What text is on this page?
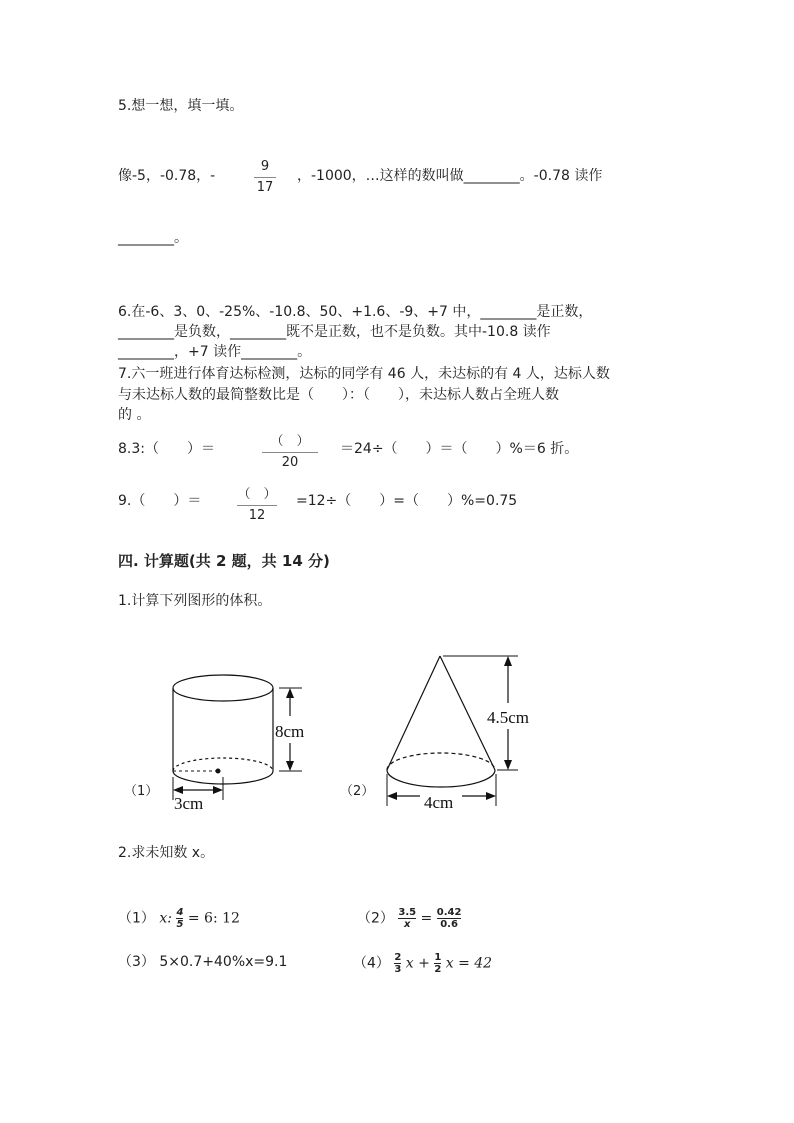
5.想一想，填一填。
像-5，-0.78，-
9
17
，-1000，…这样的数叫做________。-0.78 读作
________。
6.在-6、3、0、-25%、-10.8、50、+1.6、-9、+7 中，________是正数，
________是负数，________既不是正数，也不是负数。其中-10.8 读作
________，+7 读作________。
7.六一班进行体育达标检测，达标的同学有 46 人，未达标的有 4 人，达标人数
与未达标人数的最简整数比是（　　）：（　　），未达标人数占全班人数
的 。
8.3:（　　）＝	（　）
20
＝24÷（　　）＝（　　）%＝6 折。
9.（　　）＝	（　）
12
=12÷（　　）=（　　）%=0.75
四. 计算题(共 2 题，共 14 分)
1.计算下列图形的体积。
8cm
3cm
（1）
4.5cm
4cm
（2）
2.求未知数 x。
（1） x: $\frac{4}{5} = 6$: 12	$(2) \frac{3.5}{x} = \frac{0.42}{0.6}$
（3） 5×0.7+40%x=9.1	$(4) \frac{2}{3}$ $x + \frac{1}{2}$ x = 42
